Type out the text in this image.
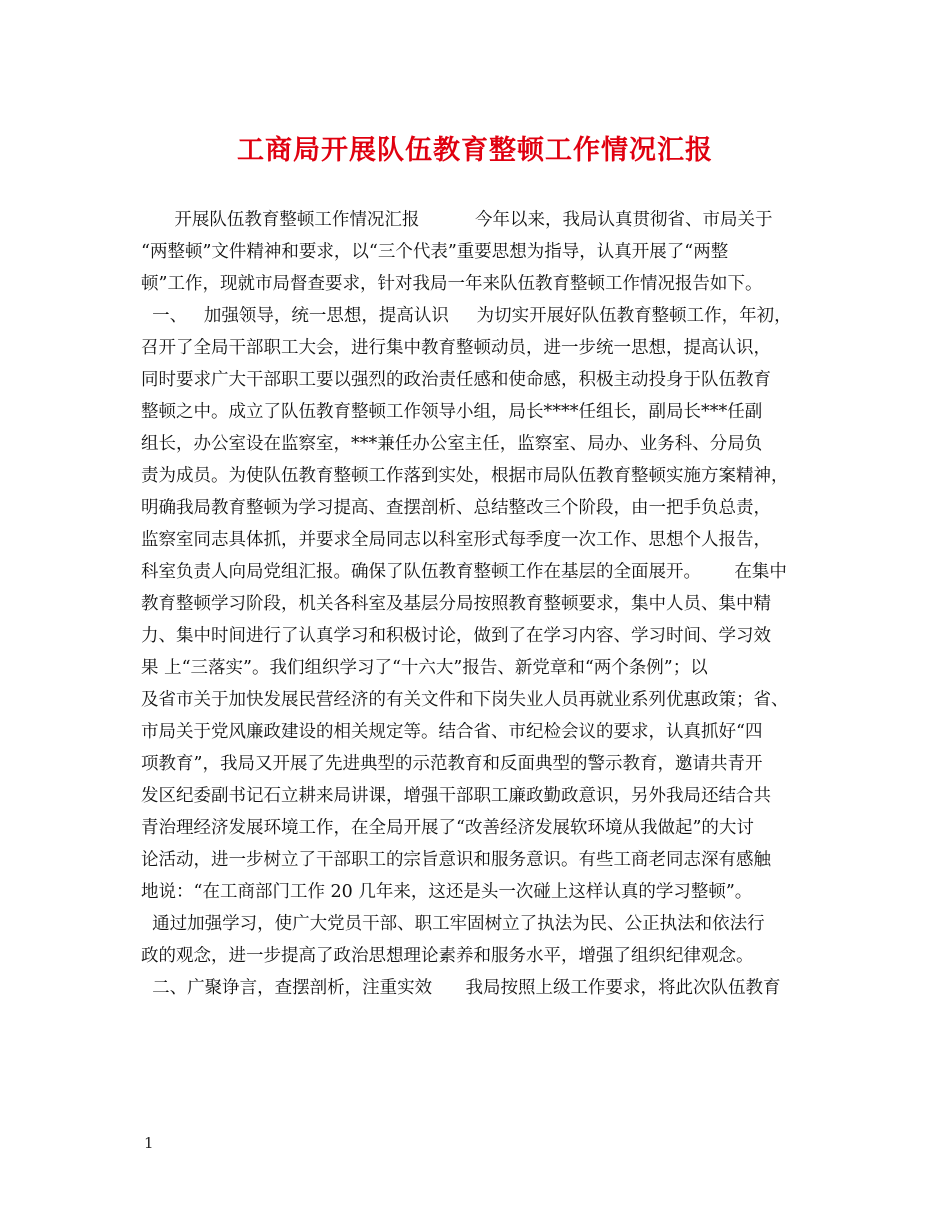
工商局开展队伍教育整顿工作情况汇报
开展队伍教育整顿工作情况汇报          今年以来，我局认真贯彻省、市局关于
“两整顿”文件精神和要求，以“三个代表”重要思想为指导，认真开展了“两整
顿”工作，现就市局督查要求，针对我局一年来队伍教育整顿工作情况报告如下。
一、   加强领导，统一思想，提高认识     为切实开展好队伍教育整顿工作，年初，
召开了全局干部职工大会，进行集中教育整顿动员，进一步统一思想，提高认识，
同时要求广大干部职工要以强烈的政治责任感和使命感，积极主动投身于队伍教育
整顿之中。成立了队伍教育整顿工作领导小组，局长****任组长，副局长***任副
组长，办公室设在监察室，***兼任办公室主任，监察室、局办、业务科、分局负
责为成员。为使队伍教育整顿工作落到实处，根据市局队伍教育整顿实施方案精神，
明确我局教育整顿为学习提高、查摆剖析、总结整改三个阶段，由一把手负总责，
监察室同志具体抓，并要求全局同志以科室形式每季度一次工作、思想个人报告，
科室负责人向局党组汇报。确保了队伍教育整顿工作在基层的全面展开。      在集中
教育整顿学习阶段，机关各科室及基层分局按照教育整顿要求，集中人员、集中精
力、集中时间进行了认真学习和积极讨论，做到了在学习内容、学习时间、学习效
果 上“三落实”。我们组织学习了“十六大”报告、新党章和“两个条例”；以
及省市关于加快发展民营经济的有关文件和下岗失业人员再就业系列优惠政策；省、
市局关于党风廉政建设的相关规定等。结合省、市纪检会议的要求，认真抓好“四
项教育”，我局又开展了先进典型的示范教育和反面典型的警示教育，邀请共青开
发区纪委副书记石立耕来局讲课，增强干部职工廉政勤政意识，另外我局还结合共
青治理经济发展环境工作，在全局开展了“改善经济发展软环境从我做起”的大讨
论活动，进一步树立了干部职工的宗旨意识和服务意识。有些工商老同志深有感触
地说：“在工商部门工作 20 几年来，这还是头一次碰上这样认真的学习整顿”。
通过加强学习，使广大党员干部、职工牢固树立了执法为民、公正执法和依法行
政的观念，进一步提高了政治思想理论素养和服务水平，增强了组织纪律观念。
二、广聚诤言，查摆剖析，注重实效      我局按照上级工作要求，将此次队伍教育
1
